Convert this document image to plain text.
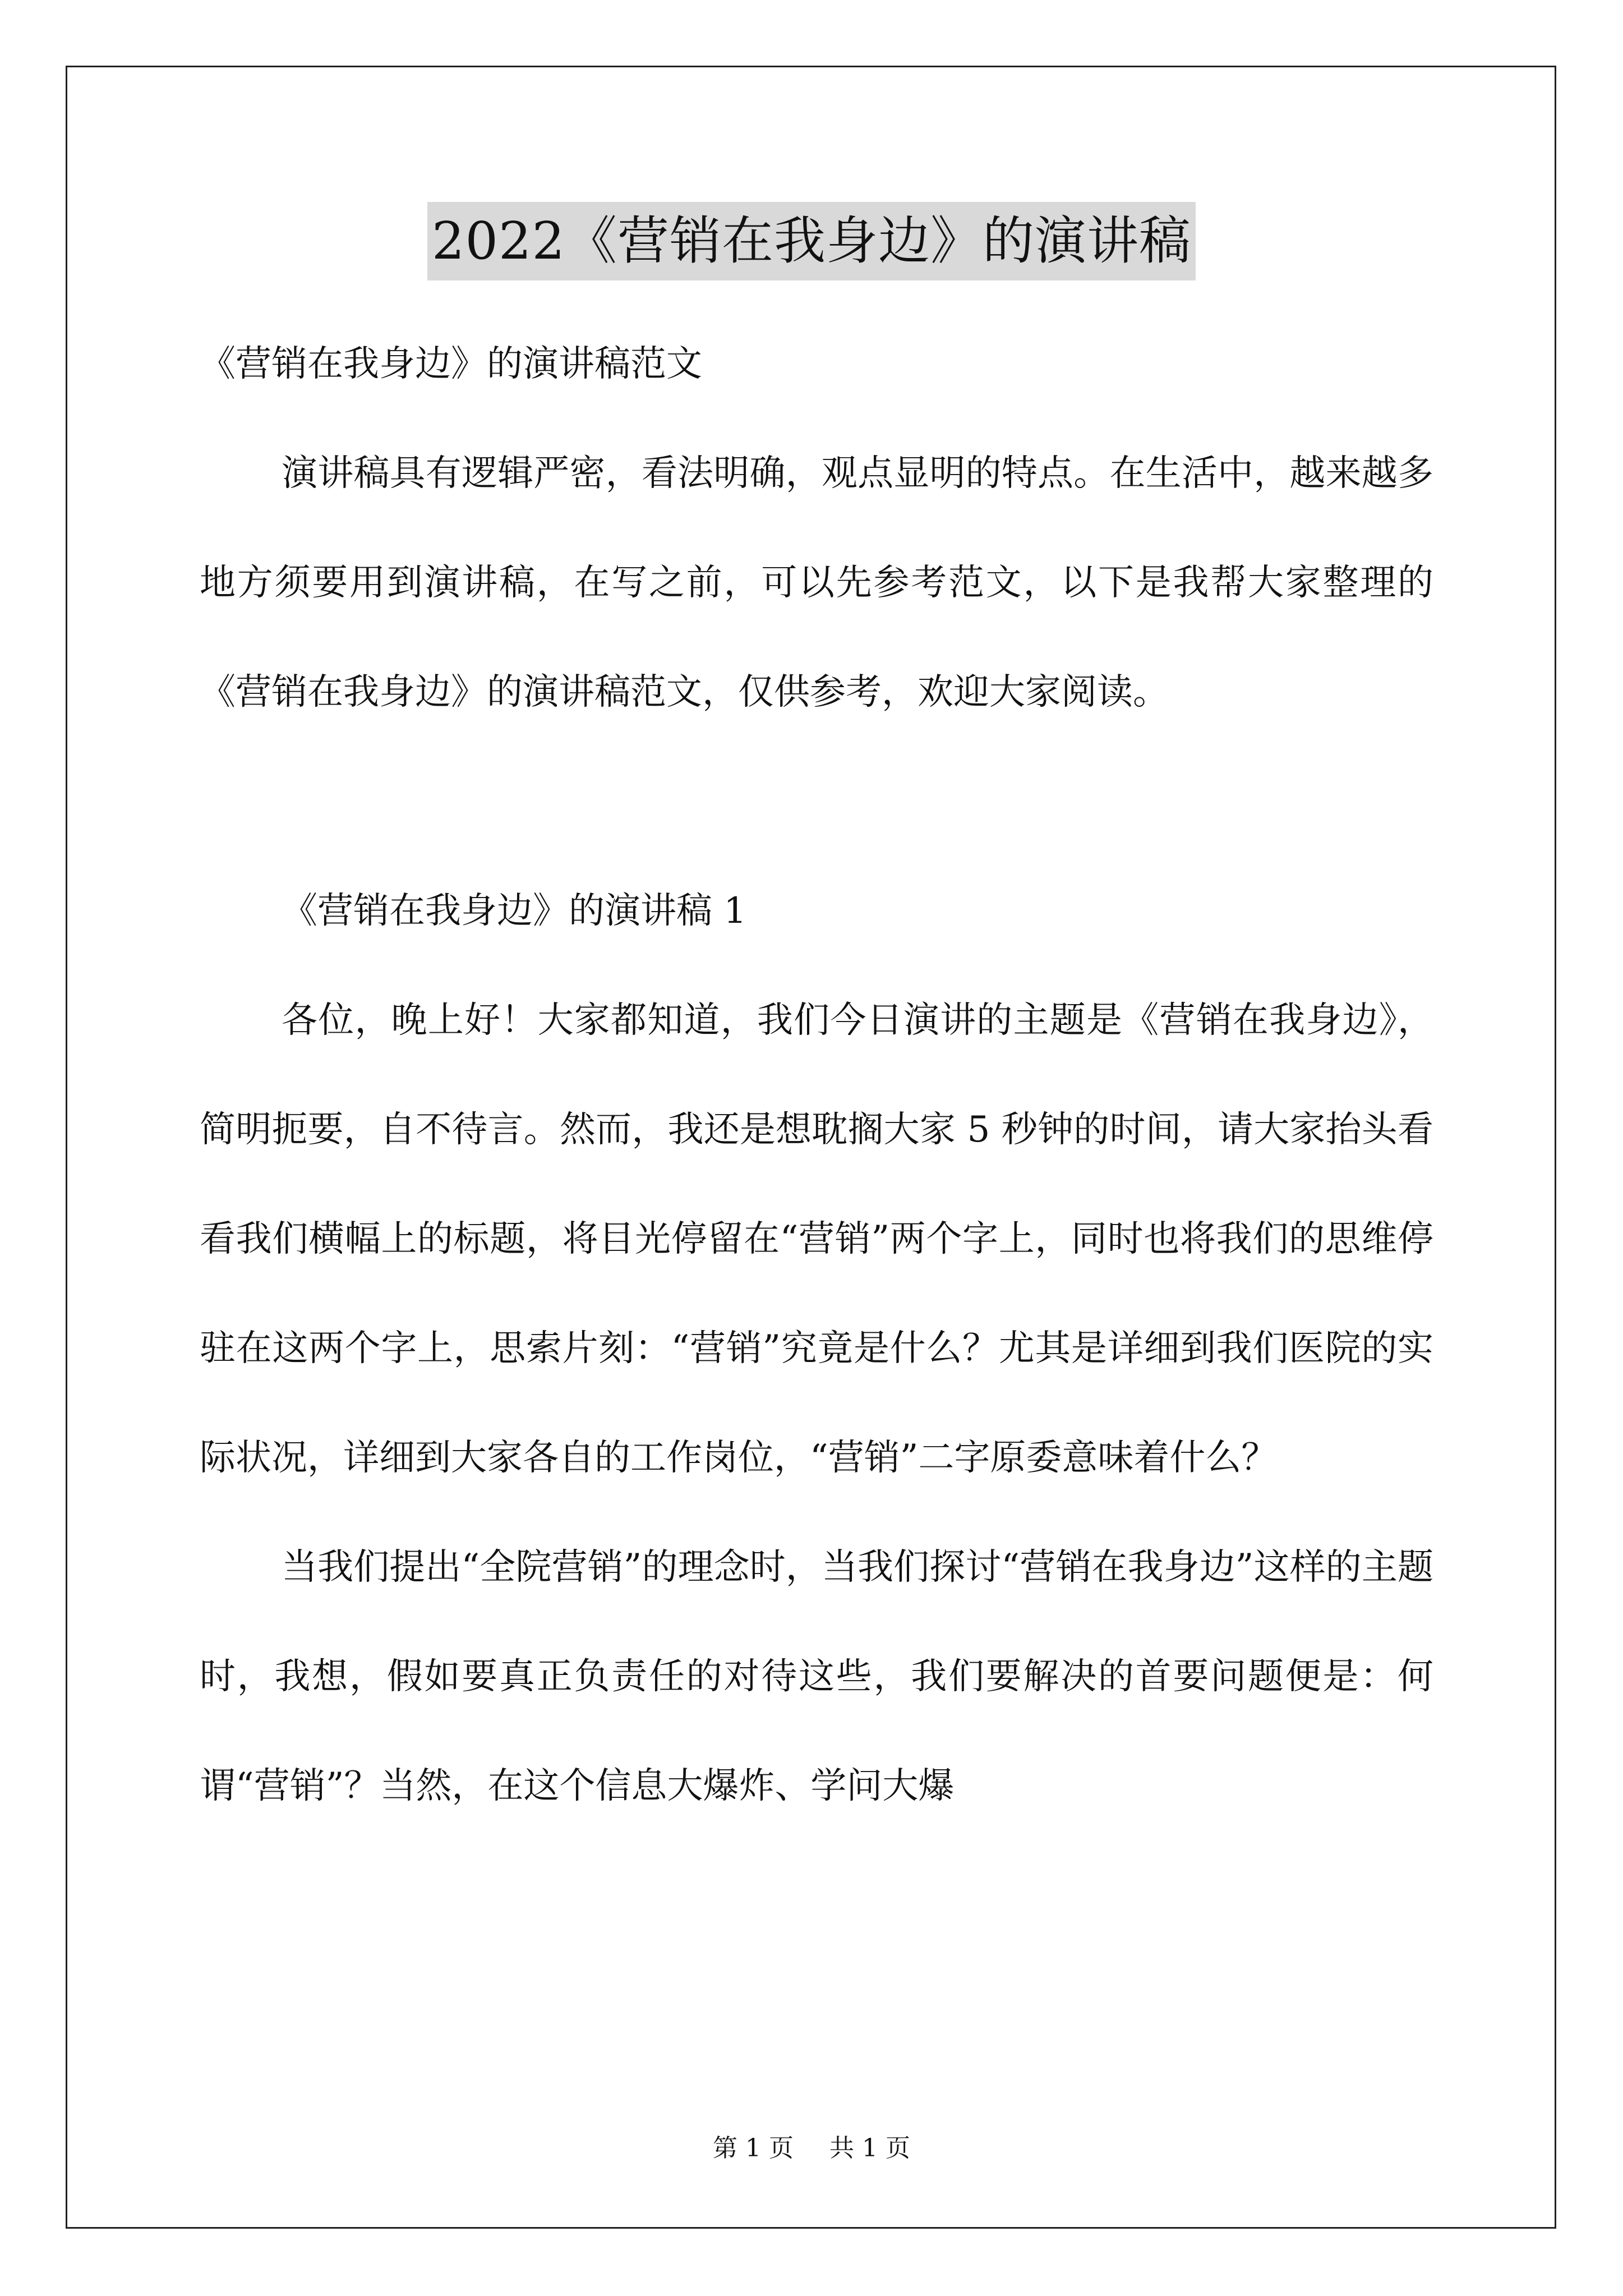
2022《营销在我身边》的演讲稿

《营销在我身边》的演讲稿范文

演讲稿具有逻辑严密，看法明确，观点显明的特点。在生活中，越来越多地方须要用到演讲稿，在写之前，可以先参考范文，以下是我帮大家整理的《营销在我身边》的演讲稿范文，仅供参考，欢迎大家阅读。

《营销在我身边》的演讲稿 1

各位，晚上好！大家都知道，我们今日演讲的主题是《营销在我身边》，简明扼要，自不待言。然而，我还是想耽搁大家 5 秒钟的时间，请大家抬头看看我们横幅上的标题，将目光停留在“营销”两个字上，同时也将我们的思维停驻在这两个字上，思索片刻：“营销”究竟是什么？尤其是详细到我们医院的实际状况，详细到大家各自的工作岗位，“营销”二字原委意味着什么？

当我们提出“全院营销”的理念时，当我们探讨“营销在我身边”这样的主题时，我想，假如要真正负责任的对待这些，我们要解决的首要问题便是：何谓“营销”？当然，在这个信息大爆炸、学问大爆

第 1 页 共 1 页
